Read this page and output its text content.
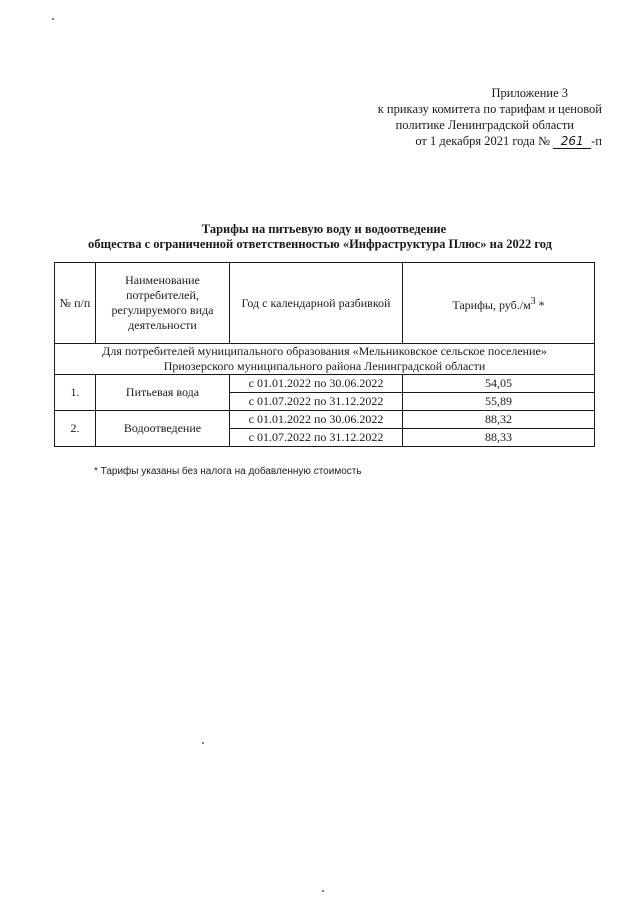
Приложение 3
к приказу комитета по тарифам и ценовой
политике Ленинградской области
от 1 декабря 2021 года № 261 -п
Тарифы на питьевую воду и водоотведение
общества с ограниченной ответственностью «Инфраструктура Плюс» на 2022 год
№ п/п	Наименование потребителей, регулируемого вида деятельности	Год с календарной разбивкой	Тарифы, $руб./м^3$ *

Для потребителей муниципального образования «Мельниковское сельское поселение»
Приозерского муниципального района Ленинградской области			

1.	Питьевая вода	с 01.01.2022 по 30.06.2022	54,05
		с 01.07.2022 по 31.12.2022	55,89
2.	Водоотведение	с 01.01.2022 по 30.06.2022	88,32
		с 01.07.2022 по 31.12.2022	88,33
* Тарифы указаны без налога на добавленную стоимость
